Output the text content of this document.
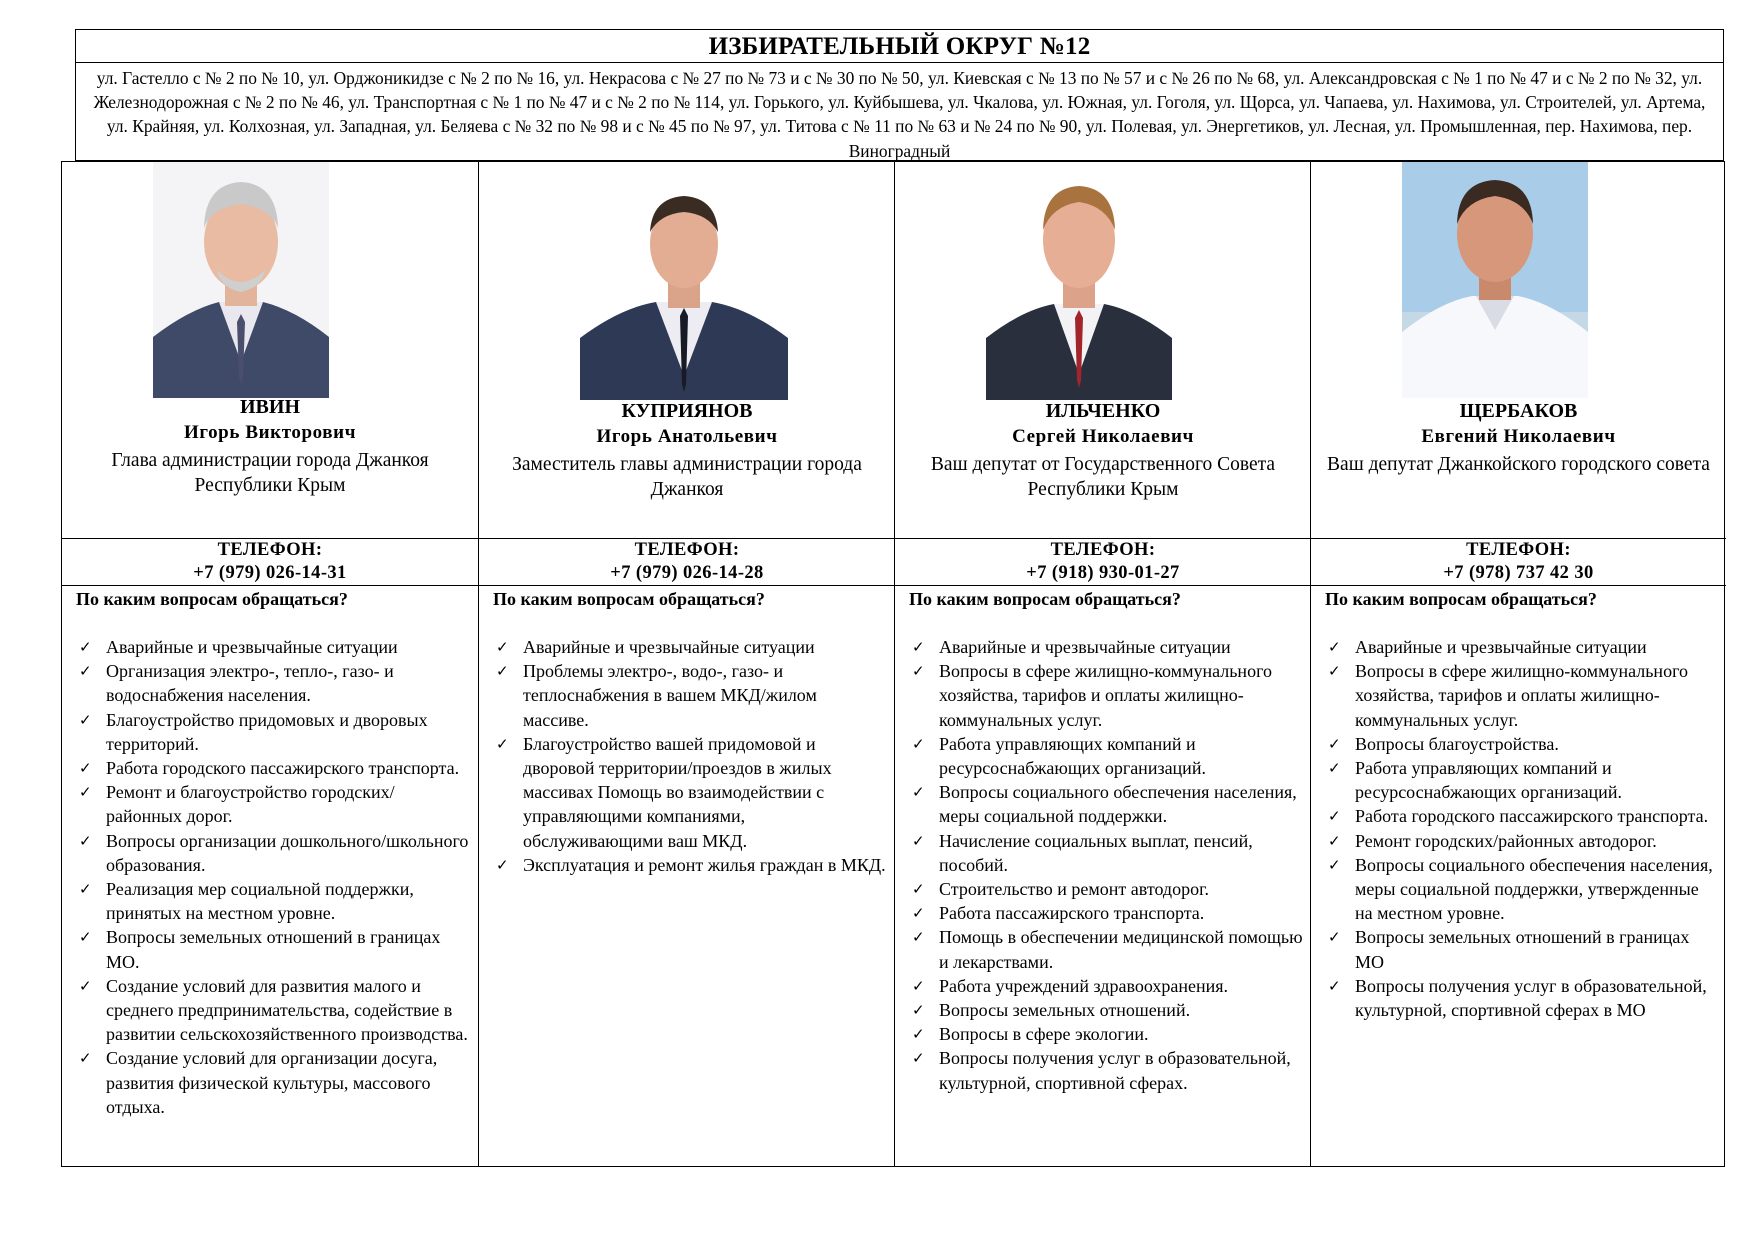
ИЗБИРАТЕЛЬНЫЙ ОКРУГ №12
ул. Гастелло с № 2 по № 10, ул. Орджоникидзе с № 2 по № 16, ул. Некрасова с № 27 по № 73 и с № 30 по № 50, ул. Киевская с № 13 по № 57 и с № 26 по № 68, ул. Александровская с № 1 по № 47 и с № 2 по № 32, ул. Железнодорожная с № 2 по № 46, ул. Транспортная с № 1 по № 47 и с № 2 по № 114, ул. Горького, ул. Куйбышева, ул. Чкалова, ул. Южная, ул. Гоголя, ул. Щорса, ул. Чапаева, ул. Нахимова, ул. Строителей, ул. Артема, ул. Крайняя, ул. Колхозная, ул. Западная, ул. Беляева с № 32 по № 98 и с № 45 по № 97, ул. Титова с № 11 по № 63 и № 24 по № 90, ул. Полевая, ул. Энергетиков, ул. Лесная, ул. Промышленная, пер. Нахимова, пер. Виноградный
ИВИН
Игорь Викторович
Глава администрации города Джанкоя Республики Крым
ТЕЛЕФОН:
+7 (979) 026-14-31
По каким вопросам обращаться?
✓ Аварийные и чрезвычайные ситуации
✓ Организация электро-, тепло-, газо- и водоснабжения населения.
✓ Благоустройство придомовых и дворовых территорий.
✓ Работа городского пассажирского транспорта.
✓ Ремонт и благоустройство городских/районных дорог.
✓ Вопросы организации дошкольного/школьного образования.
✓ Реализация мер социальной поддержки, принятых на местном уровне.
✓ Вопросы земельных отношений в границах МО.
✓ Создание условий для развития малого и среднего предпринимательства, содействие в развитии сельскохозяйственного производства.
✓ Создание условий для организации досуга, развития физической культуры, массового отдыха.
КУПРИЯНОВ
Игорь Анатольевич
Заместитель главы администрации города Джанкоя
ТЕЛЕФОН:
+7 (979) 026-14-28
По каким вопросам обращаться?
✓ Аварийные и чрезвычайные ситуации
✓ Проблемы электро-, водо-, газо- и теплоснабжения в вашем МКД/жилом массиве.
✓ Благоустройство вашей придомовой и дворовой территории/проездов в жилых массивах Помощь во взаимодействии с управляющими компаниями, обслуживающими ваш МКД.
✓ Эксплуатация и ремонт жилья граждан в МКД.
ИЛЬЧЕНКО
Сергей Николаевич
Ваш депутат от Государственного Совета Республики Крым
ТЕЛЕФОН:
+7 (918) 930-01-27
По каким вопросам обращаться?
✓ Аварийные и чрезвычайные ситуации
✓ Вопросы в сфере жилищно-коммунального хозяйства, тарифов и оплаты жилищно-коммунальных услуг.
✓ Работа управляющих компаний и ресурсоснабжающих организаций.
✓ Вопросы социального обеспечения населения, меры социальной поддержки.
✓ Начисление социальных выплат, пенсий, пособий.
✓ Строительство и ремонт автодорог.
✓ Работа пассажирского транспорта.
✓ Помощь в обеспечении медицинской помощью и лекарствами.
✓ Работа учреждений здравоохранения.
✓ Вопросы земельных отношений.
✓ Вопросы в сфере экологии.
✓ Вопросы получения услуг в образовательной, культурной, спортивной сферах.
ЩЕРБАКОВ
Евгений Николаевич
Ваш депутат Джанкойского городского совета
ТЕЛЕФОН:
+7 (978) 737 42 30
По каким вопросам обращаться?
✓ Аварийные и чрезвычайные ситуации
✓ Вопросы в сфере жилищно-коммунального хозяйства, тарифов и оплаты жилищно-коммунальных услуг.
✓ Вопросы благоустройства.
✓ Работа управляющих компаний и ресурсоснабжающих организаций.
✓ Работа городского пассажирского транспорта.
✓ Ремонт городских/районных автодорог.
✓ Вопросы социального обеспечения населения, меры социальной поддержки, утвержденные на местном уровне.
✓ Вопросы земельных отношений в границах МО
✓ Вопросы получения услуг в образовательной, культурной, спортивной сферах в МО
